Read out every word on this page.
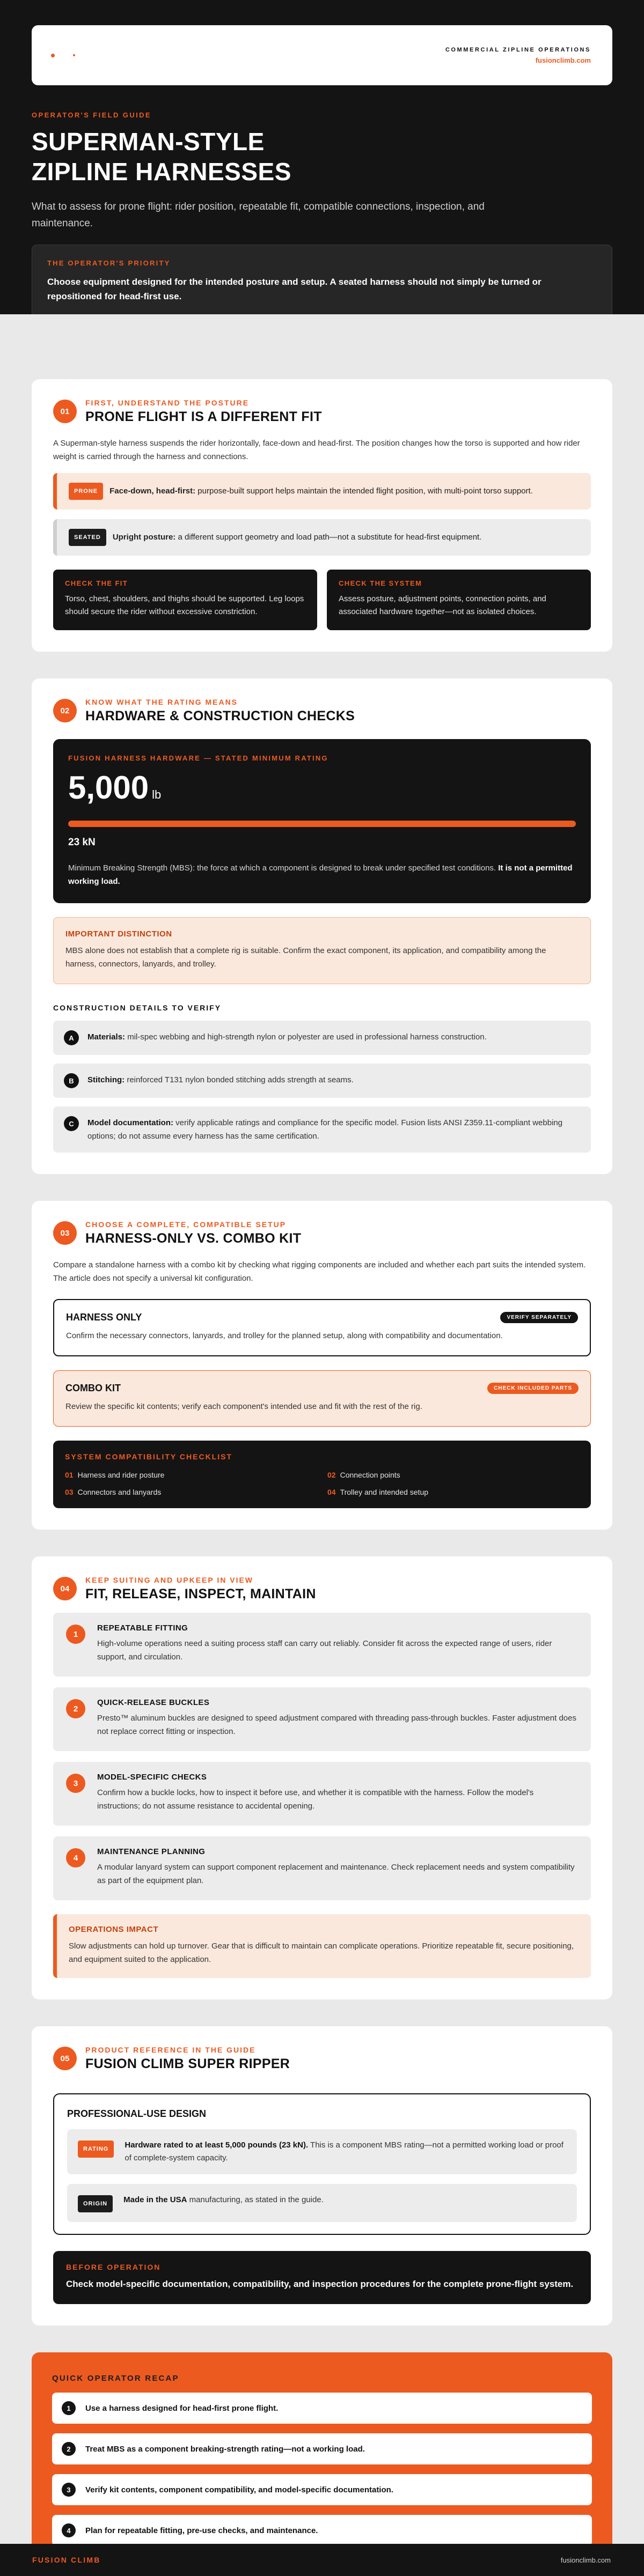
COMMERCIAL ZIPLINE OPERATIONS
fusionclimb.com
OPERATOR'S FIELD GUIDE
SUPERMAN-STYLE
ZIPLINE HARNESSES

What to assess for prone flight: rider position, repeatable fit, compatible connections, inspection, and maintenance.

THE OPERATOR'S PRIORITY
Choose equipment designed for the intended posture and setup. A seated harness should not simply be turned or repositioned for head-first use.
01
FIRST, UNDERSTAND THE POSTURE
PRONE FLIGHT IS A DIFFERENT FIT

A Superman-style harness suspends the rider horizontally, face-down and head-first. The position changes how the torso is supported and how rider weight is carried through the harness and connections.

PRONE	Face-down, head-first: purpose-built support helps maintain the intended flight position, with multi-point torso support.
SEATED	Upright posture: a different support geometry and load path—not a substitute for head-first equipment.
CHECK THE FIT
Torso, chest, shoulders, and thighs should be supported. Leg loops should secure the rider without excessive constriction.
CHECK THE SYSTEM
Assess posture, adjustment points, connection points, and associated hardware together—not as isolated choices.
02
KNOW WHAT THE RATING MEANS
HARDWARE & CONSTRUCTION CHECKS
FUSION HARNESS HARDWARE — STATED MINIMUM RATING
5,000 lb
23 kN
Minimum Breaking Strength (MBS): the force at which a component is designed to break under specified test conditions. It is not a permitted working load.
IMPORTANT DISTINCTION
MBS alone does not establish that a complete rig is suitable. Confirm the exact component, its application, and compatibility among the harness, connectors, lanyards, and trolley.
CONSTRUCTION DETAILS TO VERIFY
A	Materials: mil-spec webbing and high-strength nylon or polyester are used in professional harness construction.
B	Stitching: reinforced T131 nylon bonded stitching adds strength at seams.
C	Model documentation: verify applicable ratings and compliance for the specific model. Fusion lists ANSI Z359.11-compliant webbing options; do not assume every harness has the same certification.
03
CHOOSE A COMPLETE, COMPATIBLE SETUP
HARNESS-ONLY VS. COMBO KIT

Compare a standalone harness with a combo kit by checking what rigging components are included and whether each part suits the intended system. The article does not specify a universal kit configuration.

HARNESS ONLY	VERIFY SEPARATELY
Confirm the necessary connectors, lanyards, and trolley for the planned setup, along with compatibility and documentation.
COMBO KIT	CHECK INCLUDED PARTS
Review the specific kit contents; verify each component's intended use and fit with the rest of the rig.
SYSTEM COMPATIBILITY CHECKLIST
01 Harness and rider posture	02 Connection points
03 Connectors and lanyards	04 Trolley and intended setup
04
KEEP SUITING AND UPKEEP IN VIEW
FIT, RELEASE, INSPECT, MAINTAIN
1
REPEATABLE FITTING
High-volume operations need a suiting process staff can carry out reliably. Consider fit across the expected range of users, rider support, and circulation.
2
QUICK-RELEASE BUCKLES
Presto™ aluminum buckles are designed to speed adjustment compared with threading pass-through buckles. Faster adjustment does not replace correct fitting or inspection.
3
MODEL-SPECIFIC CHECKS
Confirm how a buckle locks, how to inspect it before use, and whether it is compatible with the harness. Follow the model's instructions; do not assume resistance to accidental opening.
4
MAINTENANCE PLANNING
A modular lanyard system can support component replacement and maintenance. Check replacement needs and system compatibility as part of the equipment plan.
OPERATIONS IMPACT
Slow adjustments can hold up turnover. Gear that is difficult to maintain can complicate operations. Prioritize repeatable fit, secure positioning, and equipment suited to the application.
05
PRODUCT REFERENCE IN THE GUIDE
FUSION CLIMB SUPER RIPPER
PROFESSIONAL-USE DESIGN
RATING	Hardware rated to at least 5,000 pounds (23 kN). This is a component MBS rating—not a permitted working load or proof of complete-system capacity.
ORIGIN	Made in the USA manufacturing, as stated in the guide.
BEFORE OPERATION
Check model-specific documentation, compatibility, and inspection procedures for the complete prone-flight system.
QUICK OPERATOR RECAP
1	Use a harness designed for head-first prone flight.
2	Treat MBS as a component breaking-strength rating—not a working load.
3	Verify kit contents, component compatibility, and model-specific documentation.
4	Plan for repeatable fitting, pre-use checks, and maintenance.
FUSION CLIMB	fusionclimb.com
